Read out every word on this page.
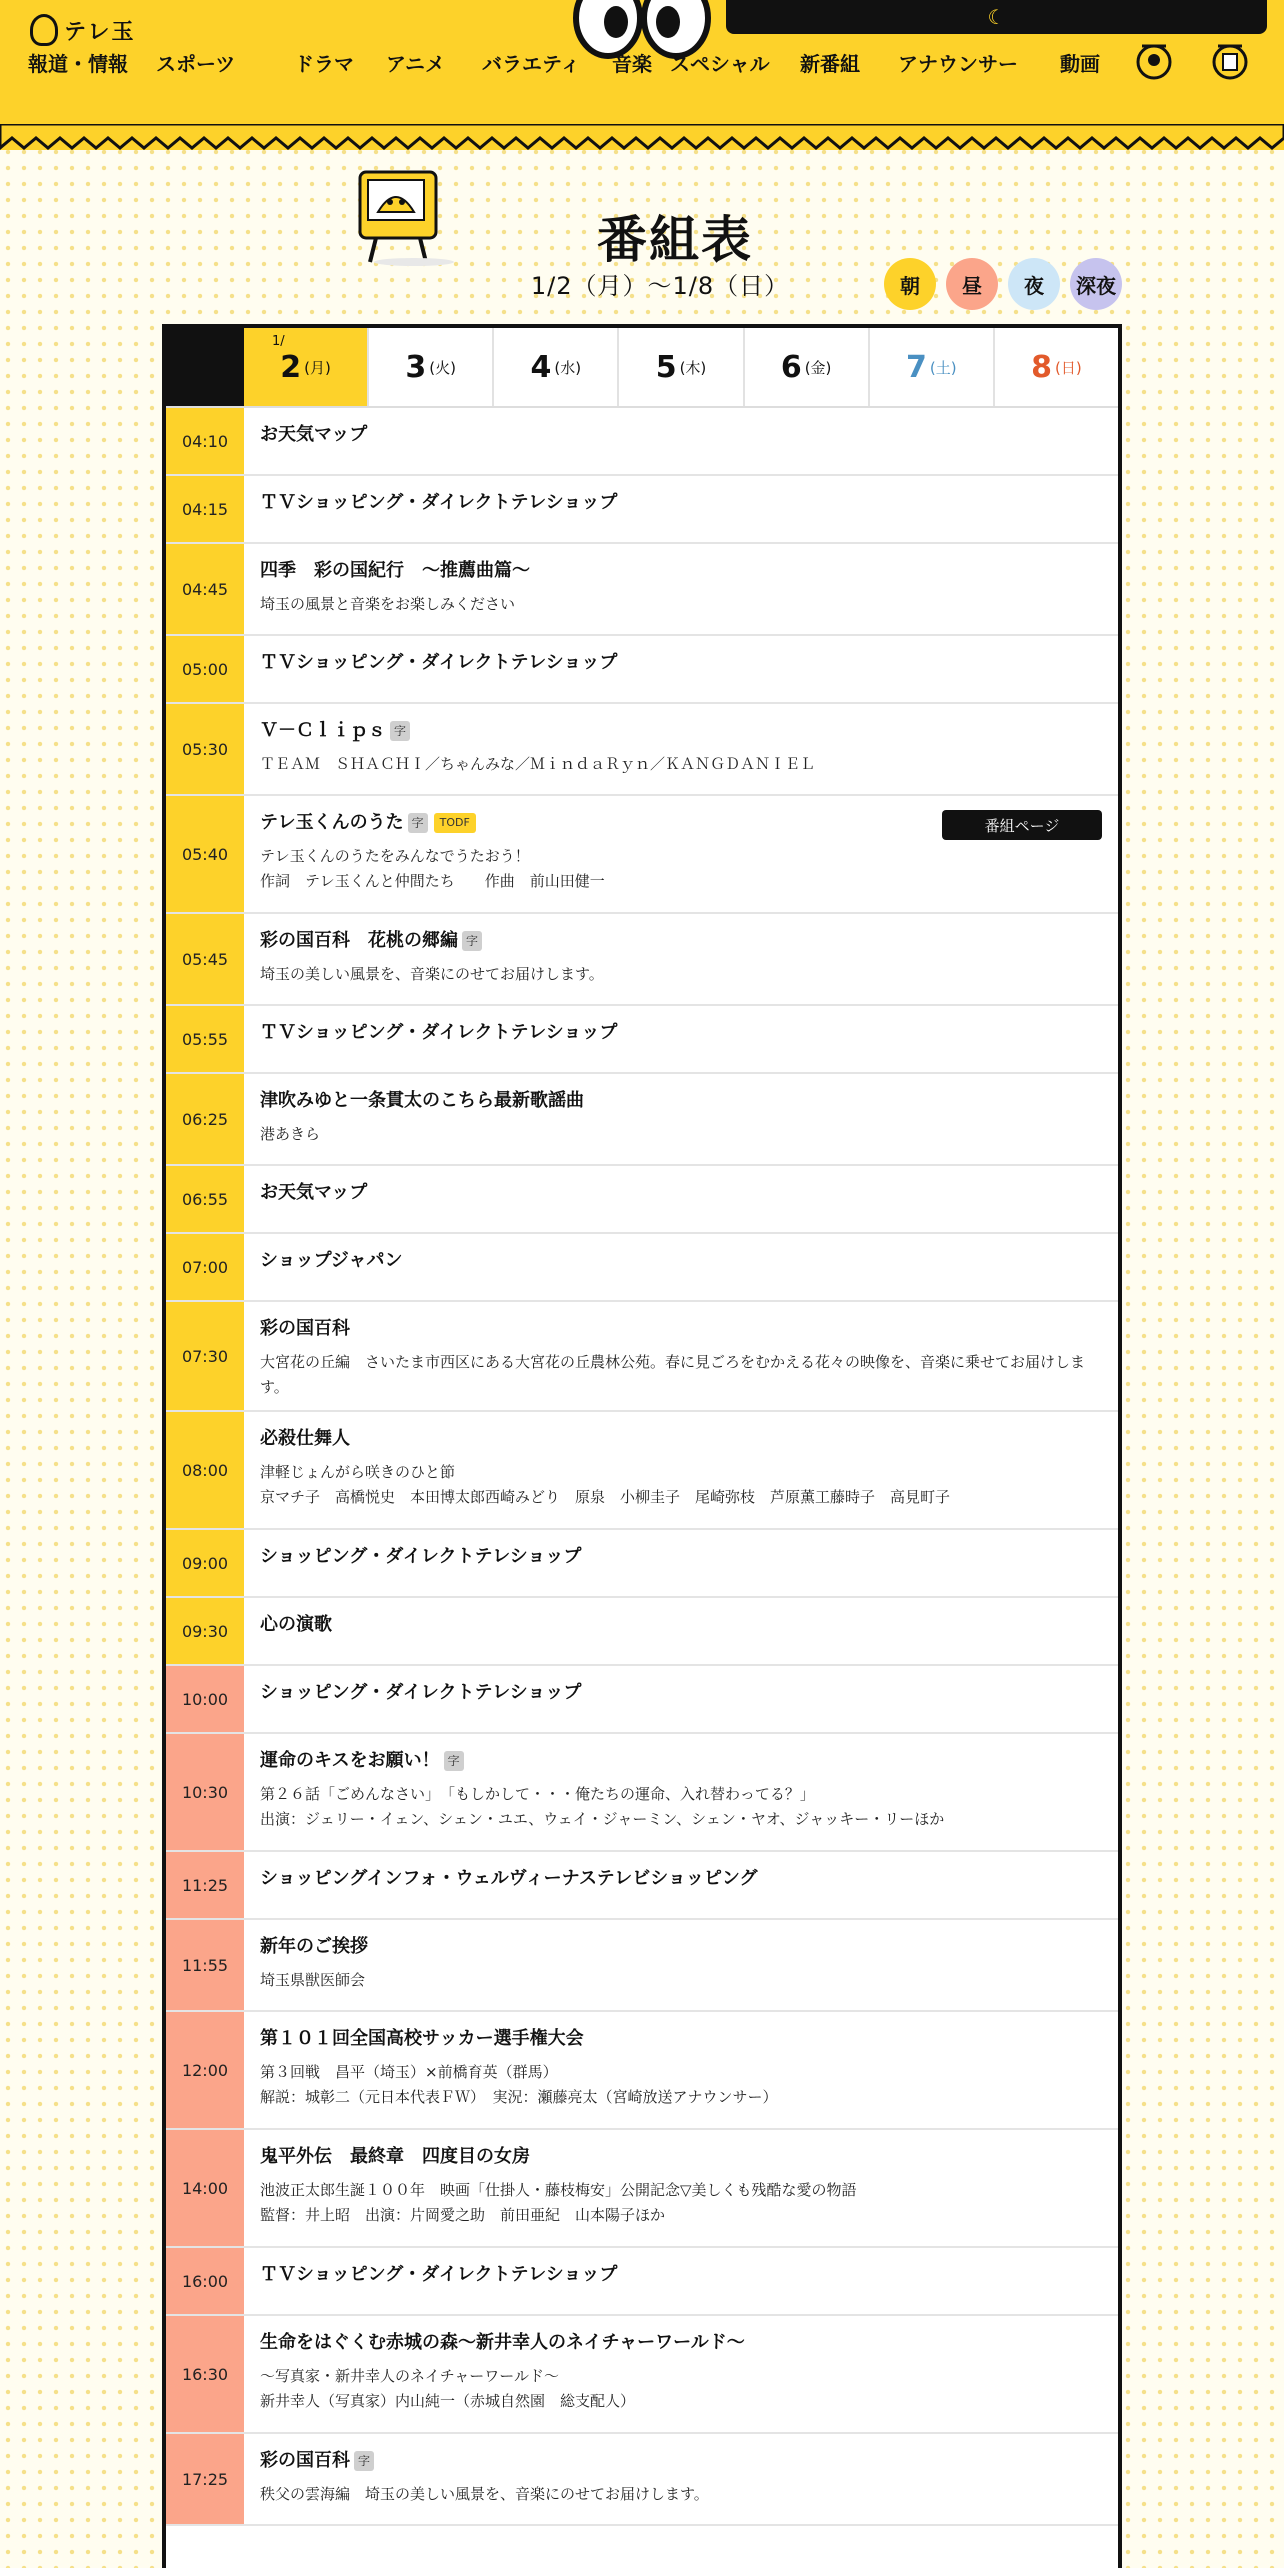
テレ玉
報道・情報	スポーツ	ドラマ	アニメ	バラエティ	音楽 スペシャル	新番組	アナウンサー	動画
☾
番組表
1/2（月）〜1/8（日）	朝	昼	夜	深夜
1/
2 (月) 3 (火) 4 (水) 5 (木) 6 (金) 7 (土) 8 (日)
04:10	お天気マップ
04:15	ＴＶショッピング・ダイレクトテレショップ
04:45
四季　彩の国紀行　～推薦曲篇～
埼玉の風景と音楽をお楽しみください
05:00	ＴＶショッピング・ダイレクトテレショップ
05:30
Ｖ－Ｃｌｉｐｓ 字
ＴＥＡＭ　ＳＨＡＣＨＩ／ちゃんみな／ＭｉｎｄａＲｙｎ／ＫＡＮＧＤＡＮＩＥＬ
05:40
テレ玉くんのうた 字	TODF
テレ玉くんのうたをみんなでうたおう！
作詞　テレ玉くんと仲間たち　　作曲　前山田健一
番組ページ
05:45
彩の国百科　花桃の郷編 字
埼玉の美しい風景を、音楽にのせてお届けします。
05:55	ＴＶショッピング・ダイレクトテレショップ
06:25
津吹みゆと一条貫太のこちら最新歌謡曲
港あきら
06:55	お天気マップ
07:00	ショップジャパン
07:30
彩の国百科
大宮花の丘編　さいたま市西区にある大宮花の丘農林公苑。春に見ごろをむかえる花々の映像を、音楽に乗せてお届けします。
08:00
必殺仕舞人
津軽じょんがら咲きのひと節
京マチ子　高橋悦史　本田博太郎西崎みどり　原泉　小柳圭子　尾崎弥枝　芦原薫工藤時子　高見町子
09:00	ショッピング・ダイレクトテレショップ
09:30	心の演歌
10:00	ショッピング・ダイレクトテレショップ
10:30
運命のキスをお願い！ 字
第２６話「ごめんなさい」　「もしかして・・・俺たちの運命、入れ替わってる？」
出演：ジェリー・イェン、シェン・ユエ、ウェイ・ジャーミン、シェン・ヤオ、ジャッキー・リーほか
11:25	ショッピングインフォ・ウェルヴィーナステレビショッピング
11:55
新年のご挨拶
埼玉県獣医師会
12:00
第１０１回全国高校サッカー選手権大会
第３回戦　昌平（埼玉）×前橋育英（群馬）
解説：城彰二（元日本代表ＦＷ）　実況：瀬藤亮太（宮崎放送アナウンサー）
14:00
鬼平外伝　最終章　四度目の女房
池波正太郎生誕１００年　映画「仕掛人・藤枝梅安」公開記念▽美しくも残酷な愛の物語
監督：井上昭　出演：片岡愛之助　前田亜紀　山本陽子ほか
16:00	ＴＶショッピング・ダイレクトテレショップ
16:30
生命をはぐくむ赤城の森～新井幸人のネイチャーワールド～
～写真家・新井幸人のネイチャーワールド～
新井幸人（写真家）内山純一（赤城自然園　総支配人）
17:25
彩の国百科 字
秩父の雲海編　埼玉の美しい風景を、音楽にのせてお届けします。
